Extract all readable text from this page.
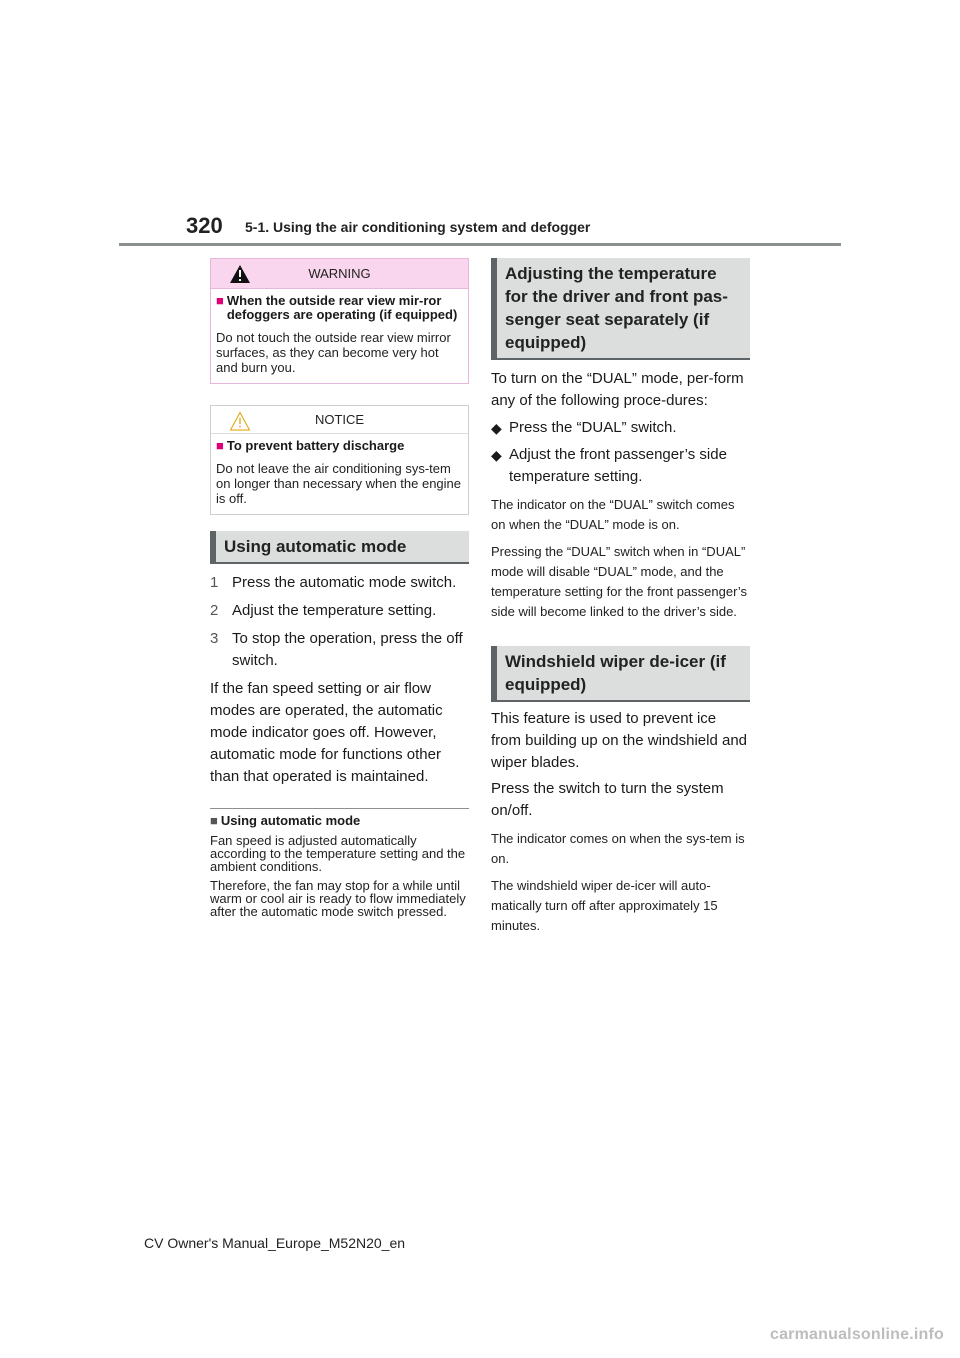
320 5-1. Using the air conditioning system and defogger
WARNING
■ When the outside rear view mir-ror defoggers are operating (if equipped)
Do not touch the outside rear view mirror surfaces, as they can become very hot and burn you.
NOTICE
■ To prevent battery discharge
Do not leave the air conditioning sys-tem on longer than necessary when the engine is off.
Using automatic mode
1 Press the automatic mode switch.
2 Adjust the temperature setting.
3 To stop the operation, press the off switch.
If the fan speed setting or air flow modes are operated, the automatic mode indicator goes off. However, automatic mode for functions other than that operated is maintained.
■ Using automatic mode
Fan speed is adjusted automatically according to the temperature setting and the ambient conditions.
Therefore, the fan may stop for a while until warm or cool air is ready to flow immediately after the automatic mode switch pressed.
Adjusting the temperature for the driver and front pas-senger seat separately (if equipped)
To turn on the “DUAL” mode, per-form any of the following proce-dures:
◆ Press the “DUAL” switch.
◆ Adjust the front passenger’s side temperature setting.
The indicator on the “DUAL” switch comes on when the “DUAL” mode is on.
Pressing the “DUAL” switch when in “DUAL” mode will disable “DUAL” mode, and the temperature setting for the front passenger’s side will become linked to the driver’s side.
Windshield wiper de-icer (if equipped)
This feature is used to prevent ice from building up on the windshield and wiper blades.
Press the switch to turn the system on/off.
The indicator comes on when the sys-tem is on.
The windshield wiper de-icer will auto-matically turn off after approximately 15 minutes.
CV Owner's Manual_Europe_M52N20_en
carmanualsonline.info
